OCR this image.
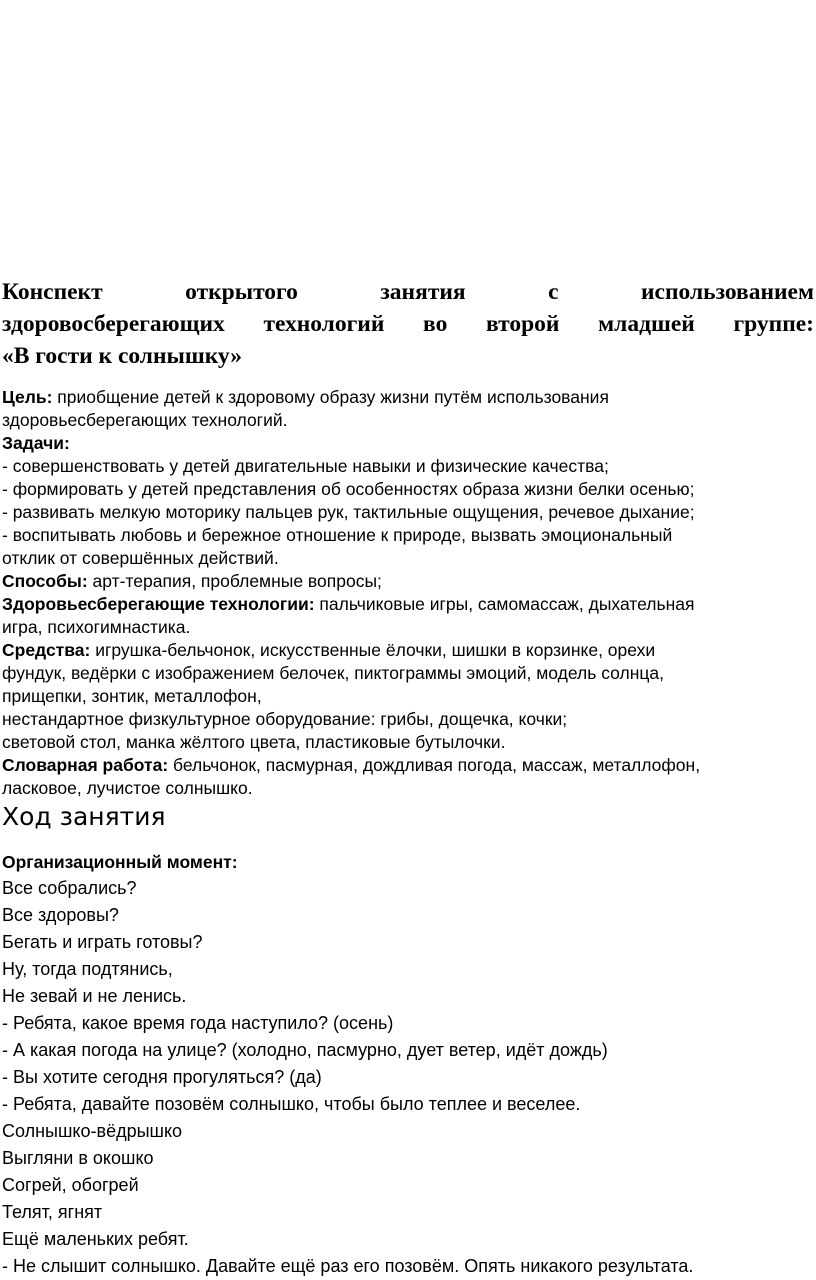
Конспект открытого занятия с использованием
здоровосберегающих технологий во второй младшей группе:
«В гости к солнышку»

Цель: приобщение детей к здоровому образу жизни путём использования

здоровьесберегающих технологий.

Задачи:

- совершенствовать у детей двигательные навыки и физические качества;

- формировать у детей представления об особенностях образа жизни белки осенью;

- развивать мелкую моторику пальцев рук, тактильные ощущения, речевое дыхание;

- воспитывать любовь и бережное отношение к природе, вызвать эмоциональный

отклик от совершённых действий.

Способы: арт-терапия, проблемные вопросы;

Здоровьесберегающие технологии: пальчиковые игры, самомассаж, дыхательная

игра, психогимнастика.

Средства: игрушка-бельчонок, искусственные ёлочки, шишки в корзинке, орехи

фундук, ведёрки с изображением белочек, пиктограммы эмоций, модель солнца,

прищепки, зонтик, металлофон,

нестандартное физкультурное оборудование: грибы, дощечка, кочки;

световой стол, манка жёлтого цвета, пластиковые бутылочки.

Словарная работа: бельчонок, пасмурная, дождливая погода, массаж, металлофон,

ласковое, лучистое солнышко.

Ход занятия

Организационный момент:

Все собрались?

Все здоровы?

Бегать и играть готовы?

Ну, тогда подтянись,

Не зевай и не ленись.

- Ребята, какое время года наступило? (осень)

- А какая погода на улице? (холодно, пасмурно, дует ветер, идёт дождь)

- Вы хотите сегодня прогуляться? (да)

- Ребята, давайте позовём солнышко, чтобы было теплее и веселее.

Солнышко-вёдрышко

Выгляни в окошко

Согрей, обогрей

Телят, ягнят

Ещё маленьких ребят.

- Не слышит солнышко. Давайте ещё раз его позовём. Опять никакого результата.
